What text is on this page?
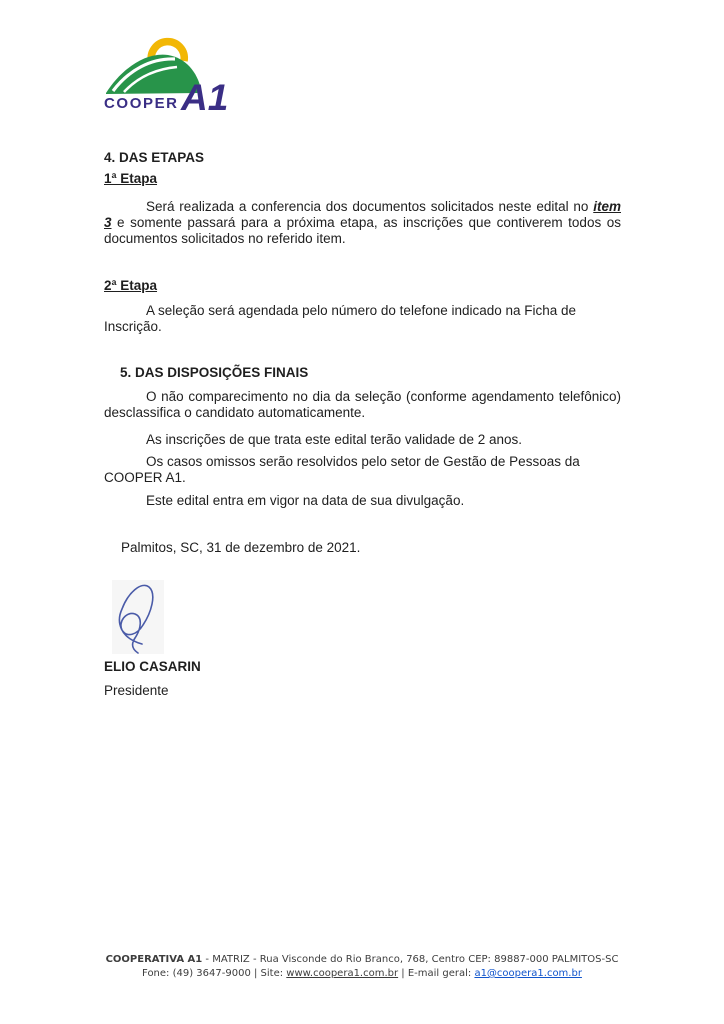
COOPER A1

4. DAS ETAPAS

1ª Etapa

Será realizada a conferencia dos documentos solicitados neste edital no item 3 e somente passará para a próxima etapa, as inscrições que contiverem todos os documentos solicitados no referido item.

2ª Etapa

A seleção será agendada pelo número do telefone indicado na Ficha de Inscrição.

5. DAS DISPOSIÇÕES FINAIS

O não comparecimento no dia da seleção (conforme agendamento telefônico) desclassifica o candidato automaticamente.

As inscrições de que trata este edital terão validade de 2 anos.

Os casos omissos serão resolvidos pelo setor de Gestão de Pessoas da COOPER A1.

Este edital entra em vigor na data de sua divulgação.

Palmitos, SC, 31 de dezembro de 2021.

ELIO CASARIN

Presidente

COOPERATIVA A1 - MATRIZ - Rua Visconde do Rio Branco, 768, Centro CEP: 89887-000 PALMITOS-SC
Fone: (49) 3647-9000 | Site: www.coopera1.com.br | E-mail geral: a1@coopera1.com.br
